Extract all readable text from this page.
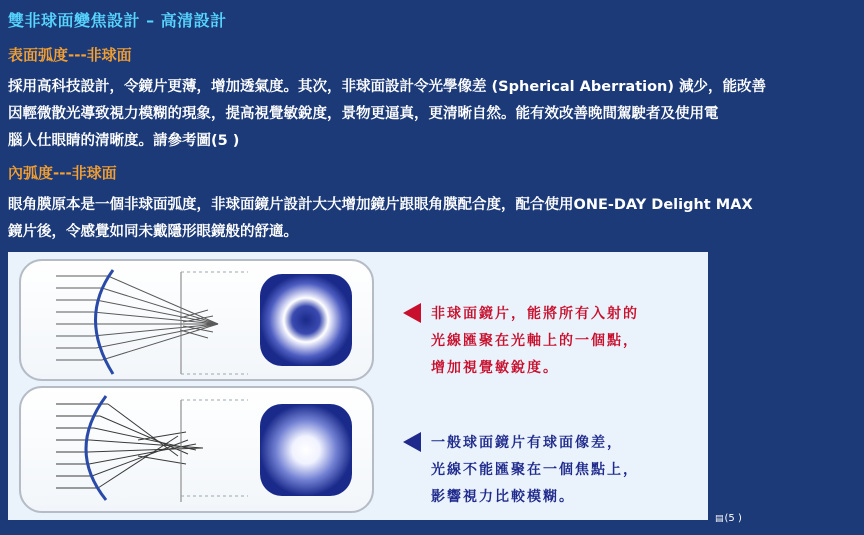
雙非球面變焦設計 – 高清設計
表面弧度---非球面
採用高科技設計，令鏡片更薄，增加透氣度。其次，非球面設計令光學像差 (Spherical Aberration) 減少，能改善
因輕微散光導致視力模糊的現象，提高視覺敏銳度，景物更逼真，更清晰自然。能有效改善晚間駕駛者及使用電
腦人仕眼睛的清晰度。請參考圖(5 )
內弧度---非球面
眼角膜原本是一個非球面弧度，非球面鏡片設計大大增加鏡片跟眼角膜配合度，配合使用ONE-DAY Delight MAX
鏡片後，令感覺如同未戴隱形眼鏡般的舒適。
非球面鏡片，能將所有入射的
光線匯聚在光軸上的一個點，
增加視覺敏銳度。
一般球面鏡片有球面像差，
光線不能匯聚在一個焦點上，
影響視力比較模糊。
▤(5 )
